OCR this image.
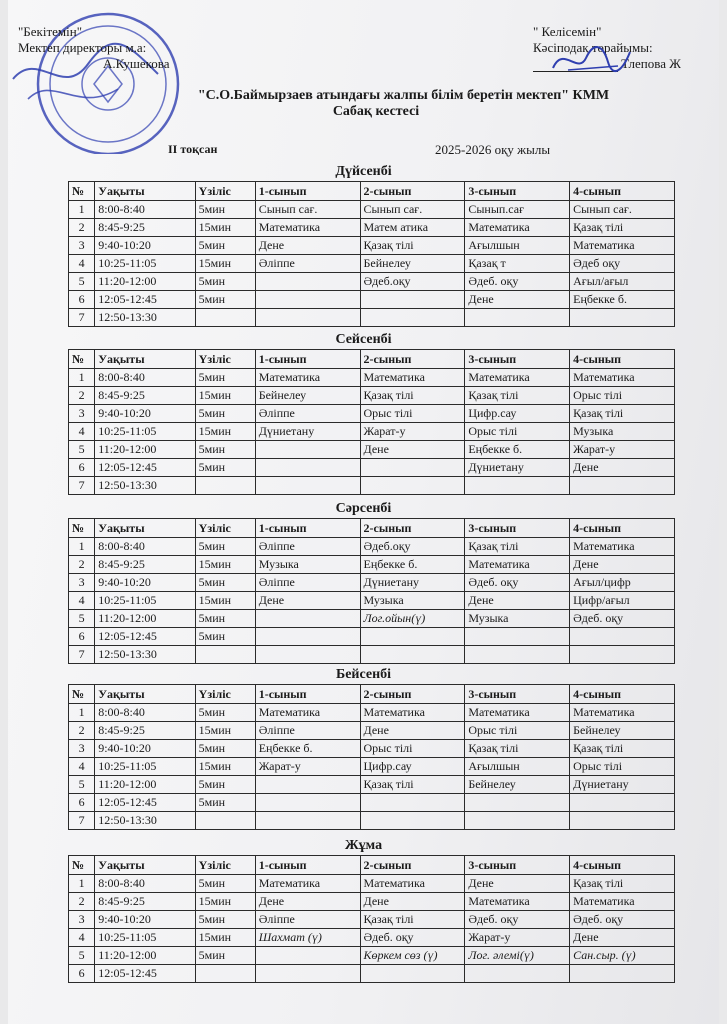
"Бекітемін"
Мектеп директоры м.а:
А.Кушекова
" Келісемін"
Кәсіподақ төрайымы:
Тлепова Ж
"С.О.Баймырзаев атындағы жалпы білім беретін мектеп" КММ
Сабақ кестесі
ІІ тоқсан	2025-2026 оқу жылы
Дүйсенбі
№	Уақыты	Үзіліс	1-сынып	2-сынып	3-сынып	4-сынып
1	8:00-8:40	5мин	Сынып сағ.	Сынып сағ.	Сынып.сағ	Сынып сағ.
2	8:45-9:25	15мин	Математика	Матем атика	Математика	Қазақ тілі
3	9:40-10:20	5мин	Дене	Қазақ тілі	Ағылшын	Математика
4	10:25-11:05	15мин	Әліппе	Бейнелеу	Қазақ т	Әдеб оқу
5	11:20-12:00	5мин		Әдеб.оқу	Әдеб. оқу	Ағыл/ағыл
6	12:05-12:45	5мин			Дене	Еңбекке б.
7	12:50-13:30					
Сейсенбі
№	Уақыты	Үзіліс	1-сынып	2-сынып	3-сынып	4-сынып
1	8:00-8:40	5мин	Математика	Математика	Математика	Математика
2	8:45-9:25	15мин	Бейнелеу	Қазақ тілі	Қазақ тілі	Орыс тілі
3	9:40-10:20	5мин	Әліппе	Орыс тілі	Цифр.сау	Қазақ тілі
4	10:25-11:05	15мин	Дүниетану	Жарат-у	Орыс тілі	Музыка
5	11:20-12:00	5мин		Дене	Еңбекке б.	Жарат-у
6	12:05-12:45	5мин			Дүниетану	Дене
7	12:50-13:30					
Сәрсенбі
№	Уақыты	Үзіліс	1-сынып	2-сынып	3-сынып	4-сынып
1	8:00-8:40	5мин	Әліппе	Әдеб.оқу	Қазақ тілі	Математика
2	8:45-9:25	15мин	Музыка	Еңбекке б.	Математика	Дене
3	9:40-10:20	5мин	Әліппе	Дүниетану	Әдеб. оқу	Ағыл/цифр
4	10:25-11:05	15мин	Дене	Музыка	Дене	Цифр/ағыл
5	11:20-12:00	5мин		Лог.ойын(ү)	Музыка	Әдеб. оқу
6	12:05-12:45	5мин				
7	12:50-13:30					
Бейсенбі
№	Уақыты	Үзіліс	1-сынып	2-сынып	3-сынып	4-сынып
1	8:00-8:40	5мин	Математика	Математика	Математика	Математика
2	8:45-9:25	15мин	Әліппе	Дене	Орыс тілі	Бейнелеу
3	9:40-10:20	5мин	Еңбекке б.	Орыс тілі	Қазақ тілі	Қазақ тілі
4	10:25-11:05	15мин	Жарат-у	Цифр.сау	Ағылшын	Орыс тілі
5	11:20-12:00	5мин		Қазақ тілі	Бейнелеу	Дүниетану
6	12:05-12:45	5мин				
7	12:50-13:30					
Жұма
№	Уақыты	Үзіліс	1-сынып	2-сынып	3-сынып	4-сынып
1	8:00-8:40	5мин	Математика	Математика	Дене	Қазақ тілі
2	8:45-9:25	15мин	Дене	Дене	Математика	Математика
3	9:40-10:20	5мин	Әліппе	Қазақ тілі	Әдеб. оқу	Әдеб. оқу
4	10:25-11:05	15мин	Шахмат (ү)	Әдеб. оқу	Жарат-у	Дене
5	11:20-12:00	5мин		Көркем сөз (ү)	Лог. әлемі(ү)	Сан.сыр. (ү)
6	12:05-12:45					
